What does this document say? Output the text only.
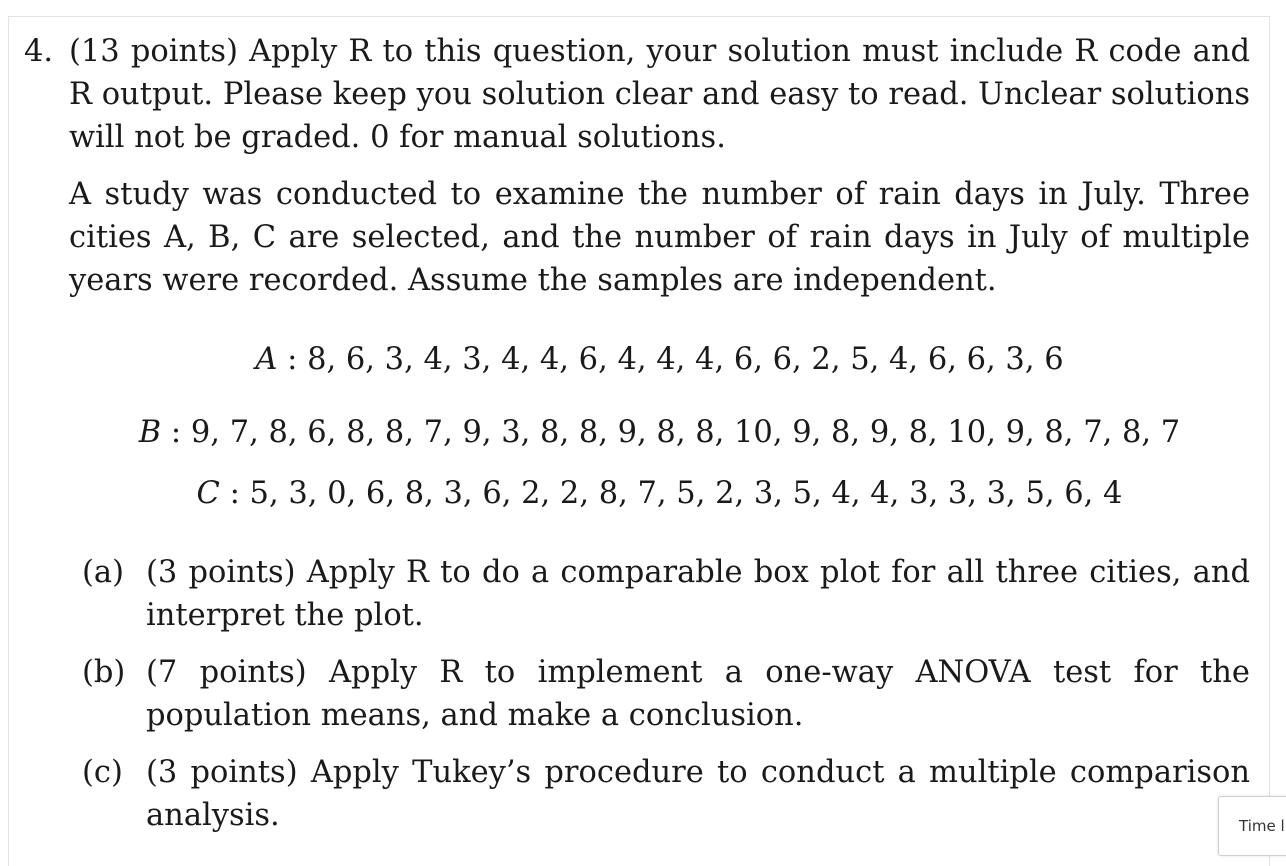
4. (13 points) Apply R to this question, your solution must include R code and R output. Please keep you solution clear and easy to read. Unclear solutions will not be graded. 0 for manual solutions.
A study was conducted to examine the number of rain days in July. Three cities A, B, C are selected, and the number of rain days in July of multiple years were recorded. Assume the samples are independent.
A : 8, 6, 3, 4, 3, 4, 4, 6, 4, 4, 4, 6, 6, 2, 5, 4, 6, 6, 3, 6
B : 9, 7, 8, 6, 8, 8, 7, 9, 3, 8, 8, 9, 8, 8, 10, 9, 8, 9, 8, 10, 9, 8, 7, 8, 7
C : 5, 3, 0, 6, 8, 3, 6, 2, 2, 8, 7, 5, 2, 3, 5, 4, 4, 3, 3, 3, 5, 6, 4
(a) (3 points) Apply R to do a comparable box plot for all three cities, and interpret the plot.
(b) (7 points) Apply R to implement a one-way ANOVA test for the population means, and make a conclusion.
(c) (3 points) Apply Tukey’s procedure to conduct a multiple comparison analysis.	Time l
